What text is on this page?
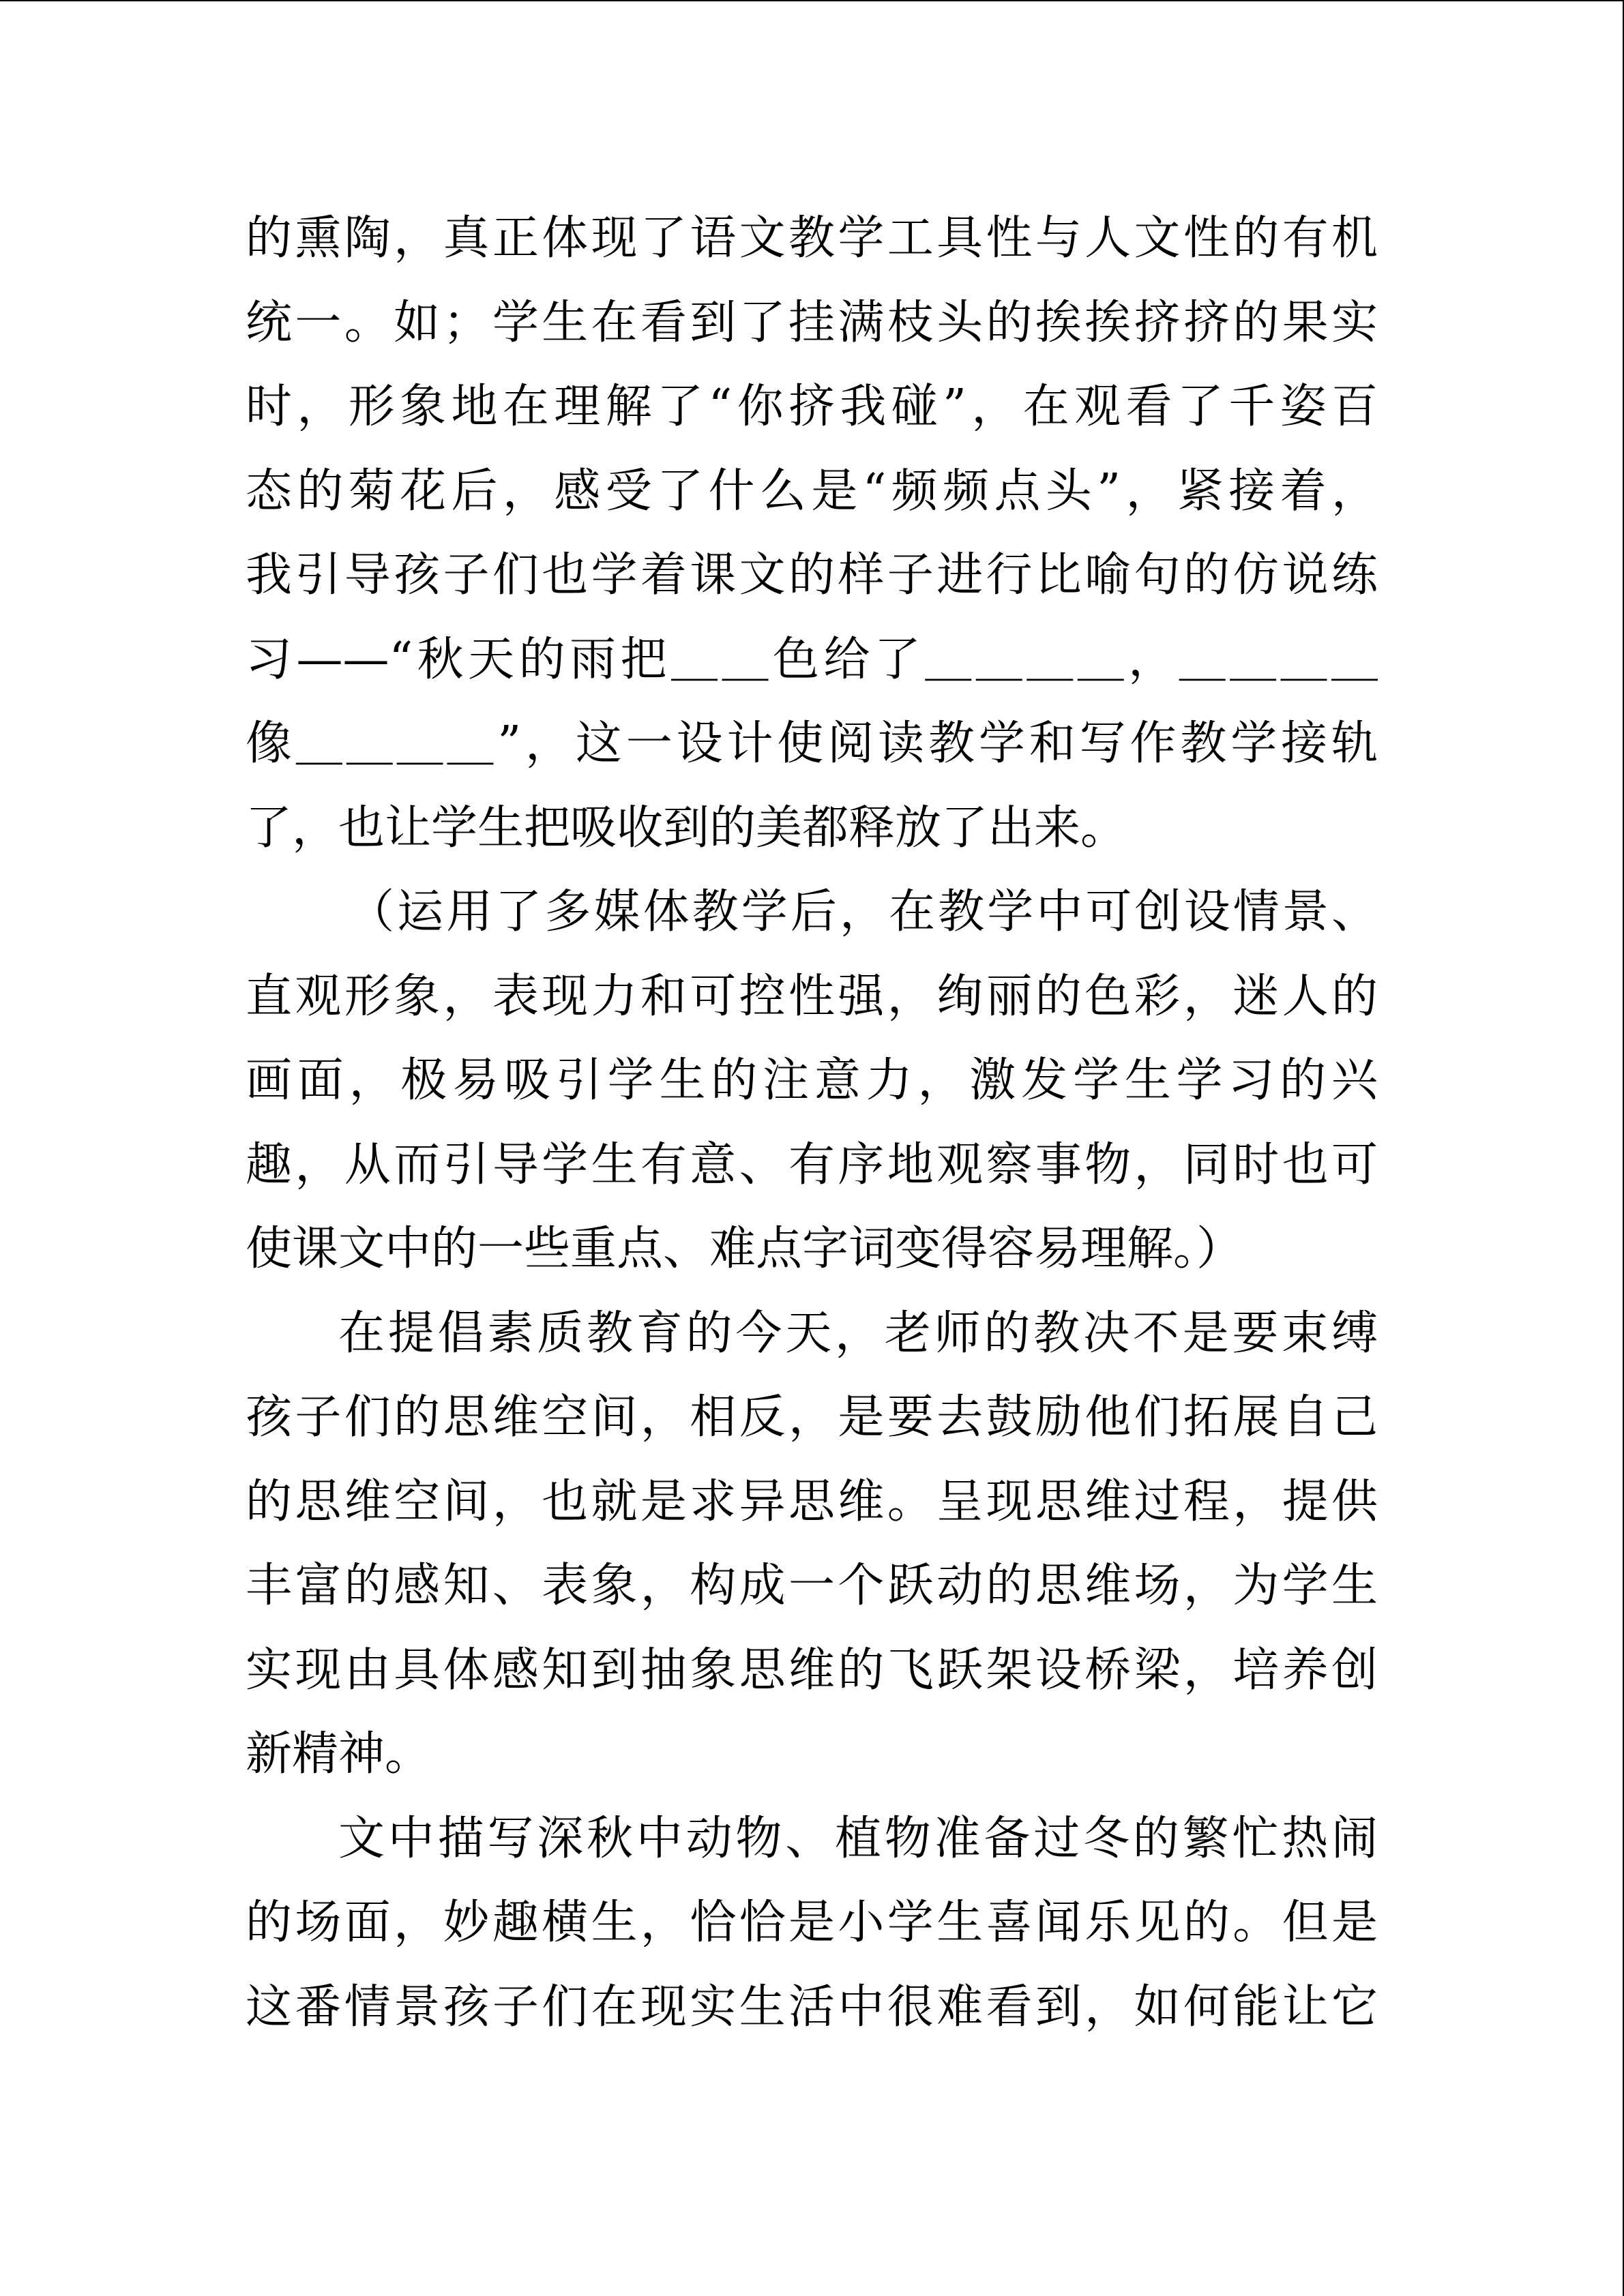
的熏陶，真正体现了语文教学工具性与人文性的有机
统一。如；学生在看到了挂满枝头的挨挨挤挤的果实
时，形象地在理解了“你挤我碰”，在观看了千姿百
态的菊花后，感受了什么是“频频点头”，紧接着，
我引导孩子们也学着课文的样子进行比喻句的仿说练
习——“秋天的雨把＿＿色给了＿＿＿＿，＿＿＿＿
像＿＿＿＿”，这一设计使阅读教学和写作教学接轨
了，也让学生把吸收到的美都释放了出来。
（运用了多媒体教学后，在教学中可创设情景、
直观形象，表现力和可控性强，绚丽的色彩，迷人的
画面，极易吸引学生的注意力，激发学生学习的兴
趣，从而引导学生有意、有序地观察事物，同时也可
使课文中的一些重点、难点字词变得容易理解。）
在提倡素质教育的今天，老师的教决不是要束缚
孩子们的思维空间，相反，是要去鼓励他们拓展自己
的思维空间，也就是求异思维。呈现思维过程，提供
丰富的感知、表象，构成一个跃动的思维场，为学生
实现由具体感知到抽象思维的飞跃架设桥梁，培养创
新精神。
文中描写深秋中动物、植物准备过冬的繁忙热闹
的场面，妙趣横生，恰恰是小学生喜闻乐见的。但是
这番情景孩子们在现实生活中很难看到，如何能让它
